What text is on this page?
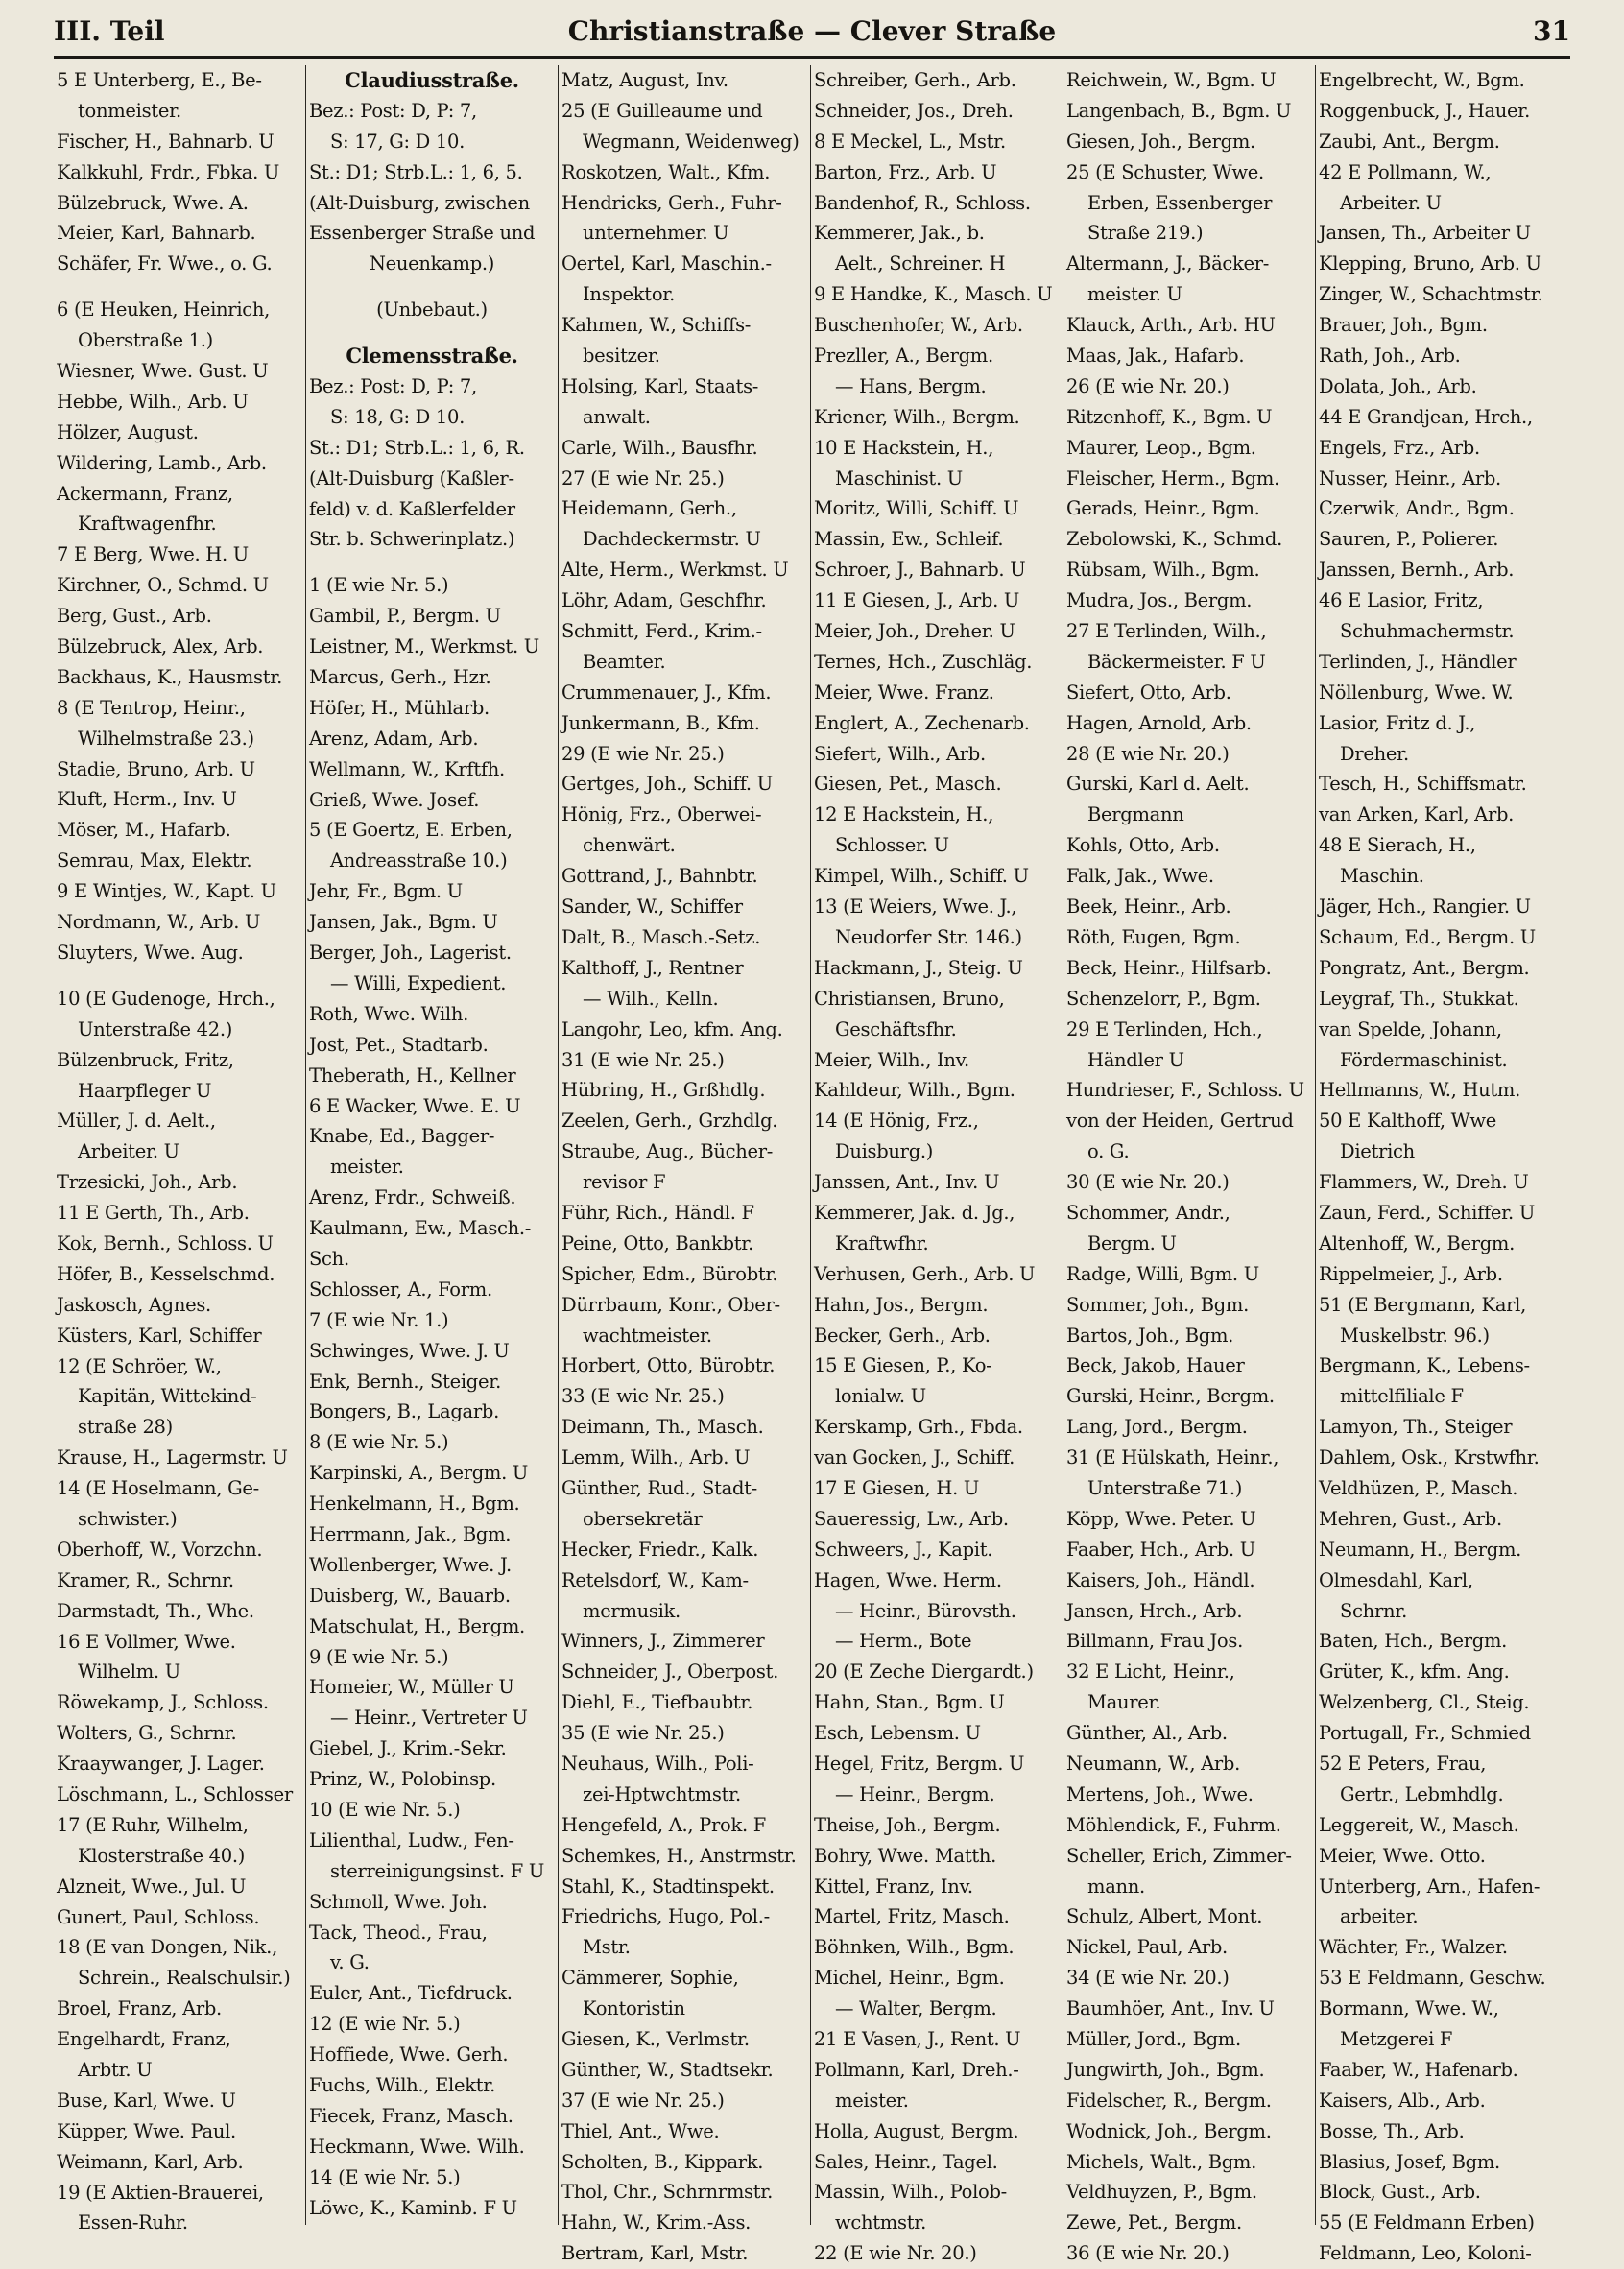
III. Teil	Christianstraße — Clever Straße	31
5 E Unterberg, E., Be-
tonmeister.
Fischer, H., Bahnarb. U
Kalkkuhl, Frdr., Fbka. U
Bülzebruck, Wwe. A.
Meier, Karl, Bahnarb.
Schäfer, Fr. Wwe., o. G.
6 (E Heuken, Heinrich,
Oberstraße 1.)
Wiesner, Wwe. Gust. U
Hebbe, Wilh., Arb. U
Hölzer, August.
Wildering, Lamb., Arb.
Ackermann, Franz,
Kraftwagenfhr.
7 E Berg, Wwe. H. U
Kirchner, O., Schmd. U
Berg, Gust., Arb.
Bülzebruck, Alex, Arb.
Backhaus, K., Hausmstr.
8 (E Tentrop, Heinr.,
Wilhelmstraße 23.)
Stadie, Bruno, Arb. U
Kluft, Herm., Inv. U
Möser, M., Hafarb.
Semrau, Max, Elektr.
9 E Wintjes, W., Kapt. U
Nordmann, W., Arb. U
Sluyters, Wwe. Aug.
10 (E Gudenoge, Hrch.,
Unterstraße 42.)
Bülzenbruck, Fritz,
Haarpfleger U
Müller, J. d. Aelt.,
Arbeiter. U
Trzesicki, Joh., Arb.
11 E Gerth, Th., Arb.
Kok, Bernh., Schloss. U
Höfer, B., Kesselschmd.
Jaskosch, Agnes.
Küsters, Karl, Schiffer
12 (E Schröer, W.,
Kapitän, Wittekind-
straße 28)
Krause, H., Lagermstr. U
14 (E Hoselmann, Ge-
schwister.)
Oberhoff, W., Vorzchn.
Kramer, R., Schrnr.
Darmstadt, Th., Whe.
16 E Vollmer, Wwe.
Wilhelm. U
Röwekamp, J., Schloss.
Wolters, G., Schrnr.
Kraaywanger, J. Lager.
Löschmann, L., Schlosser
17 (E Ruhr, Wilhelm,
Klosterstraße 40.)
Alzneit, Wwe., Jul. U
Gunert, Paul, Schloss.
18 (E van Dongen, Nik.,
Schrein., Realschulsir.)
Broel, Franz, Arb.
Engelhardt, Franz,
Arbtr. U
Buse, Karl, Wwe. U
Küpper, Wwe. Paul.
Weimann, Karl, Arb.
19 (E Aktien-Brauerei,
Essen-Ruhr.
Claudiusstraße.
Bez.: Post: D, P: 7,
S: 17, G: D 10.
St.: D1; Strb.L.: 1, 6, 5.
(Alt-Duisburg, zwischen
Essenberger Straße und
Neuenkamp.)
(Unbebaut.)
Clemensstraße.
Bez.: Post: D, P: 7,
S: 18, G: D 10.
St.: D1; Strb.L.: 1, 6, R.
(Alt-Duisburg (Kaßler-
feld) v. d. Kaßlerfelder
Str. b. Schwerinplatz.)
1 (E wie Nr. 5.)
Gambil, P., Bergm. U
Leistner, M., Werkmst. U
Marcus, Gerh., Hzr.
Höfer, H., Mühlarb.
Arenz, Adam, Arb.
Wellmann, W., Krftfh.
Grieß, Wwe. Josef.
5 (E Goertz, E. Erben,
Andreasstraße 10.)
Jehr, Fr., Bgm. U
Jansen, Jak., Bgm. U
Berger, Joh., Lagerist.
— Willi, Expedient.
Roth, Wwe. Wilh.
Jost, Pet., Stadtarb.
Theberath, H., Kellner
6 E Wacker, Wwe. E. U
Knabe, Ed., Bagger-
meister.
Arenz, Frdr., Schweiß.
Kaulmann, Ew., Masch.-
Sch.
Schlosser, A., Form.
7 (E wie Nr. 1.)
Schwinges, Wwe. J. U
Enk, Bernh., Steiger.
Bongers, B., Lagarb.
8 (E wie Nr. 5.)
Karpinski, A., Bergm. U
Henkelmann, H., Bgm.
Herrmann, Jak., Bgm.
Wollenberger, Wwe. J.
Duisberg, W., Bauarb.
Matschulat, H., Bergm.
9 (E wie Nr. 5.)
Homeier, W., Müller U
— Heinr., Vertreter U
Giebel, J., Krim.-Sekr.
Prinz, W., Polobinsp.
10 (E wie Nr. 5.)
Lilienthal, Ludw., Fen-
sterreinigungsinst. F U
Schmoll, Wwe. Joh.
Tack, Theod., Frau,
v. G.
Euler, Ant., Tiefdruck.
12 (E wie Nr. 5.)
Hoffiede, Wwe. Gerh.
Fuchs, Wilh., Elektr.
Fiecek, Franz, Masch.
Heckmann, Wwe. Wilh.
14 (E wie Nr. 5.)
Löwe, K., Kaminb. F U
Matz, August, Inv.
25 (E Guilleaume und
Wegmann, Weidenweg)
Roskotzen, Walt., Kfm.
Hendricks, Gerh., Fuhr-
unternehmer. U
Oertel, Karl, Maschin.-
Inspektor.
Kahmen, W., Schiffs-
besitzer.
Holsing, Karl, Staats-
anwalt.
Carle, Wilh., Bausfhr.
27 (E wie Nr. 25.)
Heidemann, Gerh.,
Dachdeckermstr. U
Alte, Herm., Werkmst. U
Löhr, Adam, Geschfhr.
Schmitt, Ferd., Krim.-
Beamter.
Crummenauer, J., Kfm.
Junkermann, B., Kfm.
29 (E wie Nr. 25.)
Gertges, Joh., Schiff. U
Hönig, Frz., Oberwei-
chenwärt.
Gottrand, J., Bahnbtr.
Sander, W., Schiffer
Dalt, B., Masch.-Setz.
Kalthoff, J., Rentner
— Wilh., Kelln.
Langohr, Leo, kfm. Ang.
31 (E wie Nr. 25.)
Hübring, H., Grßhdlg.
Zeelen, Gerh., Grzhdlg.
Straube, Aug., Bücher-
revisor F
Führ, Rich., Händl. F
Peine, Otto, Bankbtr.
Spicher, Edm., Bürobtr.
Dürrbaum, Konr., Ober-
wachtmeister.
Horbert, Otto, Bürobtr.
33 (E wie Nr. 25.)
Deimann, Th., Masch.
Lemm, Wilh., Arb. U
Günther, Rud., Stadt-
obersekretär
Hecker, Friedr., Kalk.
Retelsdorf, W., Kam-
mermusik.
Winners, J., Zimmerer
Schneider, J., Oberpost.
Diehl, E., Tiefbaubtr.
35 (E wie Nr. 25.)
Neuhaus, Wilh., Poli-
zei-Hptwchtmstr.
Hengefeld, A., Prok. F
Schemkes, H., Anstrmstr.
Stahl, K., Stadtinspekt.
Friedrichs, Hugo, Pol.-
Mstr.
Cämmerer, Sophie,
Kontoristin
Giesen, K., Verlmstr.
Günther, W., Stadtsekr.
37 (E wie Nr. 25.)
Thiel, Ant., Wwe.
Scholten, B., Kippark.
Thol, Chr., Schrnrmstr.
Hahn, W., Krim.-Ass.
Bertram, Karl, Mstr.
Schreiber, Gerh., Arb.
Schneider, Jos., Dreh.
8 E Meckel, L., Mstr.
Barton, Frz., Arb. U
Bandenhof, R., Schloss.
Kemmerer, Jak., b.
Aelt., Schreiner. H
9 E Handke, K., Masch. U
Buschenhofer, W., Arb.
Prezller, A., Bergm.
— Hans, Bergm.
Kriener, Wilh., Bergm.
10 E Hackstein, H.,
Maschinist. U
Moritz, Willi, Schiff. U
Massin, Ew., Schleif.
Schroer, J., Bahnarb. U
11 E Giesen, J., Arb. U
Meier, Joh., Dreher. U
Ternes, Hch., Zuschläg.
Meier, Wwe. Franz.
Englert, A., Zechenarb.
Siefert, Wilh., Arb.
Giesen, Pet., Masch.
12 E Hackstein, H.,
Schlosser. U
Kimpel, Wilh., Schiff. U
13 (E Weiers, Wwe. J.,
Neudorfer Str. 146.)
Hackmann, J., Steig. U
Christiansen, Bruno,
Geschäftsfhr.
Meier, Wilh., Inv.
Kahldeur, Wilh., Bgm.
14 (E Hönig, Frz.,
Duisburg.)
Janssen, Ant., Inv. U
Kemmerer, Jak. d. Jg.,
Kraftwfhr.
Verhusen, Gerh., Arb. U
Hahn, Jos., Bergm.
Becker, Gerh., Arb.
15 E Giesen, P., Ko-
lonialw. U
Kerskamp, Grh., Fbda.
van Gocken, J., Schiff.
17 E Giesen, H. U
Saueressig, Lw., Arb.
Schweers, J., Kapit.
Hagen, Wwe. Herm.
— Heinr., Bürovsth.
— Herm., Bote
20 (E Zeche Diergardt.)
Hahn, Stan., Bgm. U
Esch, Lebensm. U
Hegel, Fritz, Bergm. U
— Heinr., Bergm.
Theise, Joh., Bergm.
Bohry, Wwe. Matth.
Kittel, Franz, Inv.
Martel, Fritz, Masch.
Böhnken, Wilh., Bgm.
Michel, Heinr., Bgm.
— Walter, Bergm.
21 E Vasen, J., Rent. U
Pollmann, Karl, Dreh.-
meister.
Holla, August, Bergm.
Sales, Heinr., Tagel.
Massin, Wilh., Polob-
wchtmstr.
22 (E wie Nr. 20.)
Reichwein, W., Bgm. U
Langenbach, B., Bgm. U
Giesen, Joh., Bergm.
25 (E Schuster, Wwe.
Erben, Essenberger
Straße 219.)
Altermann, J., Bäcker-
meister. U
Klauck, Arth., Arb. HU
Maas, Jak., Hafarb.
26 (E wie Nr. 20.)
Ritzenhoff, K., Bgm. U
Maurer, Leop., Bgm.
Fleischer, Herm., Bgm.
Gerads, Heinr., Bgm.
Zebolowski, K., Schmd.
Rübsam, Wilh., Bgm.
Mudra, Jos., Bergm.
27 E Terlinden, Wilh.,
Bäckermeister. F U
Siefert, Otto, Arb.
Hagen, Arnold, Arb.
28 (E wie Nr. 20.)
Gurski, Karl d. Aelt.
Bergmann
Kohls, Otto, Arb.
Falk, Jak., Wwe.
Beek, Heinr., Arb.
Röth, Eugen, Bgm.
Beck, Heinr., Hilfsarb.
Schenzelorr, P., Bgm.
29 E Terlinden, Hch.,
Händler U
Hundrieser, F., Schloss. U
von der Heiden, Gertrud
o. G.
30 (E wie Nr. 20.)
Schommer, Andr.,
Bergm. U
Radge, Willi, Bgm. U
Sommer, Joh., Bgm.
Bartos, Joh., Bgm.
Beck, Jakob, Hauer
Gurski, Heinr., Bergm.
Lang, Jord., Bergm.
31 (E Hülskath, Heinr.,
Unterstraße 71.)
Köpp, Wwe. Peter. U
Faaber, Hch., Arb. U
Kaisers, Joh., Händl.
Jansen, Hrch., Arb.
Billmann, Frau Jos.
32 E Licht, Heinr.,
Maurer.
Günther, Al., Arb.
Neumann, W., Arb.
Mertens, Joh., Wwe.
Möhlendick, F., Fuhrm.
Scheller, Erich, Zimmer-
mann.
Schulz, Albert, Mont.
Nickel, Paul, Arb.
34 (E wie Nr. 20.)
Baumhöer, Ant., Inv. U
Müller, Jord., Bgm.
Jungwirth, Joh., Bgm.
Fidelscher, R., Bergm.
Wodnick, Joh., Bergm.
Michels, Walt., Bgm.
Veldhuyzen, P., Bgm.
Zewe, Pet., Bergm.
36 (E wie Nr. 20.)
Engelbrecht, W., Bgm.
Roggenbuck, J., Hauer.
Zaubi, Ant., Bergm.
42 E Pollmann, W.,
Arbeiter. U
Jansen, Th., Arbeiter U
Klepping, Bruno, Arb. U
Zinger, W., Schachtmstr.
Brauer, Joh., Bgm.
Rath, Joh., Arb.
Dolata, Joh., Arb.
44 E Grandjean, Hrch.,
Engels, Frz., Arb.
Nusser, Heinr., Arb.
Czerwik, Andr., Bgm.
Sauren, P., Polierer.
Janssen, Bernh., Arb.
46 E Lasior, Fritz,
Schuhmachermstr.
Terlinden, J., Händler
Nöllenburg, Wwe. W.
Lasior, Fritz d. J.,
Dreher.
Tesch, H., Schiffsmatr.
van Arken, Karl, Arb.
48 E Sierach, H.,
Maschin.
Jäger, Hch., Rangier. U
Schaum, Ed., Bergm. U
Pongratz, Ant., Bergm.
Leygraf, Th., Stukkat.
van Spelde, Johann,
Fördermaschinist.
Hellmanns, W., Hutm.
50 E Kalthoff, Wwe
Dietrich
Flammers, W., Dreh. U
Zaun, Ferd., Schiffer. U
Altenhoff, W., Bergm.
Rippelmeier, J., Arb.
51 (E Bergmann, Karl,
Muskelbstr. 96.)
Bergmann, K., Lebens-
mittelfiliale F
Lamyon, Th., Steiger
Dahlem, Osk., Krstwfhr.
Veldhüzen, P., Masch.
Mehren, Gust., Arb.
Neumann, H., Bergm.
Olmesdahl, Karl,
Schrnr.
Baten, Hch., Bergm.
Grüter, K., kfm. Ang.
Welzenberg, Cl., Steig.
Portugall, Fr., Schmied
52 E Peters, Frau,
Gertr., Lebmhdlg.
Leggereit, W., Masch.
Meier, Wwe. Otto.
Unterberg, Arn., Hafen-
arbeiter.
Wächter, Fr., Walzer.
53 E Feldmann, Geschw.
Bormann, Wwe. W.,
Metzgerei F
Faaber, W., Hafenarb.
Kaisers, Alb., Arb.
Bosse, Th., Arb.
Blasius, Josef, Bgm.
Block, Gust., Arb.
55 (E Feldmann Erben)
Feldmann, Leo, Koloni-
